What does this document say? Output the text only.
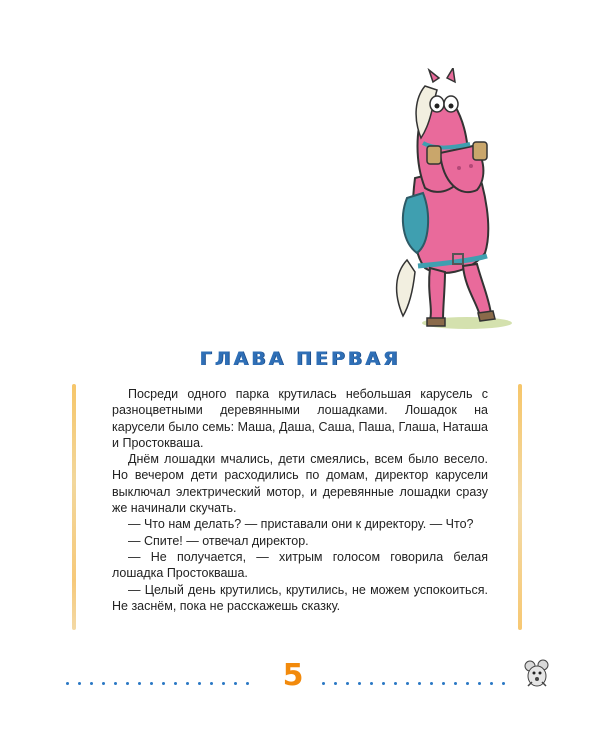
ГЛАВА ПЕРВАЯ

Посреди одного парка крутилась небольшая карусель с разноцветными деревянными лошадками. Лошадок на карусели было семь: Маша, Даша, Саша, Паша, Глаша, Наташа и Простокваша.

Днём лошадки мчались, дети смеялись, всем было весело. Но вечером дети расходились по домам, директор карусели выключал электрический мотор, и деревянные лошадки сразу же начинали скучать.

— Что нам делать? — приставали они к директору. — Что?

— Спите! — отвечал директор.

— Не получается, — хитрым голосом говорила белая лошадка Простокваша.

— Целый день крутились, крутились, не можем успокоиться. Не заснём, пока не расскажешь сказку.

5
